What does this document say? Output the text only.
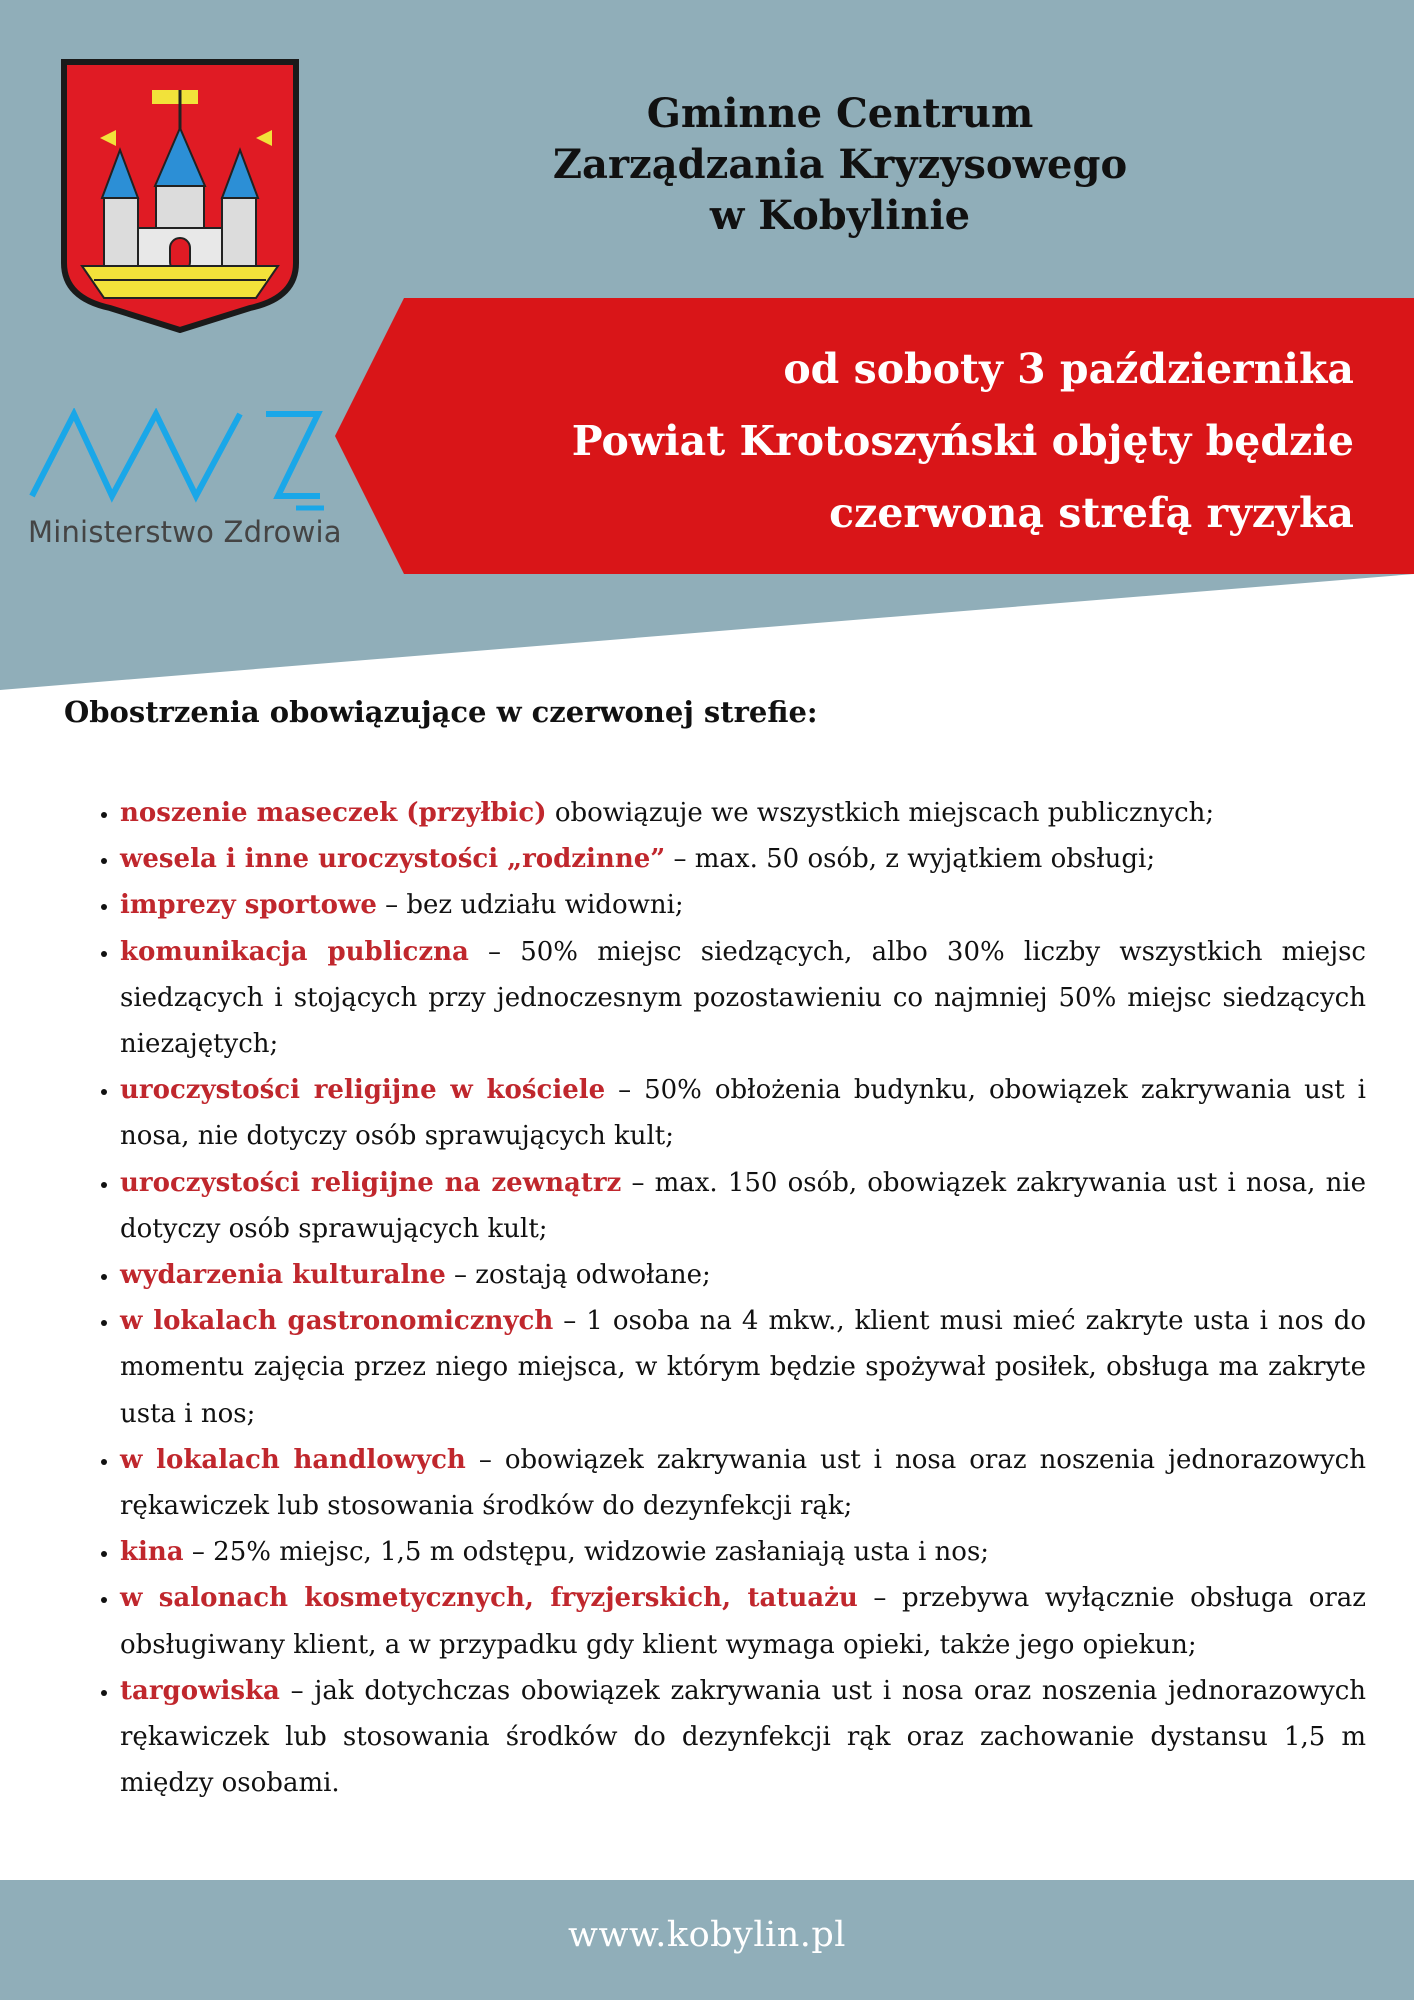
Ministerstwo Zdrowia
Gminne Centrum
Zarządzania Kryzysowego
w Kobylinie
od soboty 3 października
Powiat Krotoszyński objęty będzie
czerwoną strefą ryzyka
Obostrzenia obowiązujące w czerwonej strefie:
• noszenie maseczek (przyłbic) obowiązuje we wszystkich miejscach publicznych;
• wesela i inne uroczystości „rodzinne” – max. 50 osób, z wyjątkiem obsługi;
• imprezy sportowe – bez udziału widowni;
• komunikacja publiczna – 50% miejsc siedzących, albo 30% liczby wszystkich miejsc siedzących i stojących przy jednoczesnym pozostawieniu co najmniej 50% miejsc siedzących niezajętych;
• uroczystości religijne w kościele – 50% obłożenia budynku, obowiązek zakrywania ust i nosa, nie dotyczy osób sprawujących kult;
• uroczystości religijne na zewnątrz – max. 150 osób, obowiązek zakrywania ust i nosa, nie dotyczy osób sprawujących kult;
• wydarzenia kulturalne – zostają odwołane;
• w lokalach gastronomicznych – 1 osoba na 4 mkw., klient musi mieć zakryte usta i nos do momentu zajęcia przez niego miejsca, w którym będzie spożywał posiłek, obsługa ma zakryte usta i nos;
• w lokalach handlowych – obowiązek zakrywania ust i nosa oraz noszenia jednorazowych rękawiczek lub stosowania środków do dezynfekcji rąk;
• kina – 25% miejsc, 1,5 m odstępu, widzowie zasłaniają usta i nos;
• w salonach kosmetycznych, fryzjerskich, tatuażu – przebywa wyłącznie obsługa oraz obsługiwany klient, a w przypadku gdy klient wymaga opieki, także jego opiekun;
• targowiska – jak dotychczas obowiązek zakrywania ust i nosa oraz noszenia jednorazowych rękawiczek lub stosowania środków do dezynfekcji rąk oraz zachowanie dystansu 1,5 m między osobami.
www.kobylin.pl
